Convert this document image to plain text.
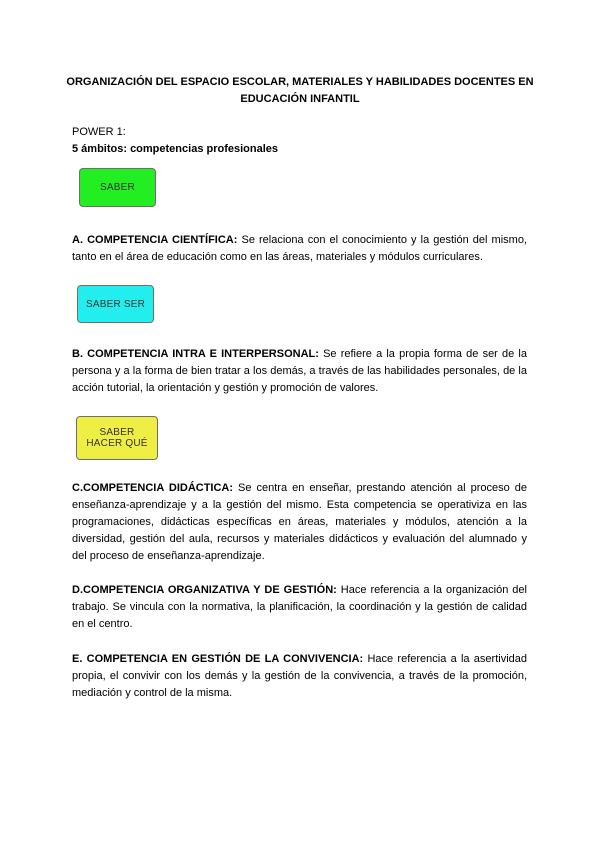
ORGANIZACIÓN DEL ESPACIO ESCOLAR, MATERIALES Y HABILIDADES DOCENTES EN
EDUCACIÓN INFANTIL
POWER 1:
5 ámbitos: competencias profesionales
SABER

A. COMPETENCIA CIENTÍFICA: Se relaciona con el conocimiento y la gestión del mismo, tanto en el área de educación como en las áreas, materiales y módulos curriculares.

SABER SER

B. COMPETENCIA INTRA E INTERPERSONAL: Se refiere a la propia forma de ser de la persona y a la forma de bien tratar a los demás, a través de las habilidades personales, de la acción tutorial, la orientación y gestión y promoción de valores.

SABER
HACER QUÉ

C.COMPETENCIA DIDÁCTICA: Se centra en enseñar, prestando atención al proceso de enseñanza-aprendizaje y a la gestión del mismo. Esta competencia se operativiza en las programaciones, didácticas específicas en áreas, materiales y módulos, atención a la diversidad, gestión del aula, recursos y materiales didácticos y evaluación del alumnado y del proceso de enseñanza-aprendizaje.

D.COMPETENCIA ORGANIZATIVA Y DE GESTIÓN: Hace referencia a la organización del trabajo. Se vincula con la normativa, la planificación, la coordinación y la gestión de calidad en el centro.

E. COMPETENCIA EN GESTIÓN DE LA CONVIVENCIA: Hace referencia a la asertividad propia, el convivir con los demás y la gestión de la convivencia, a través de la promoción, mediación y control de la misma.
